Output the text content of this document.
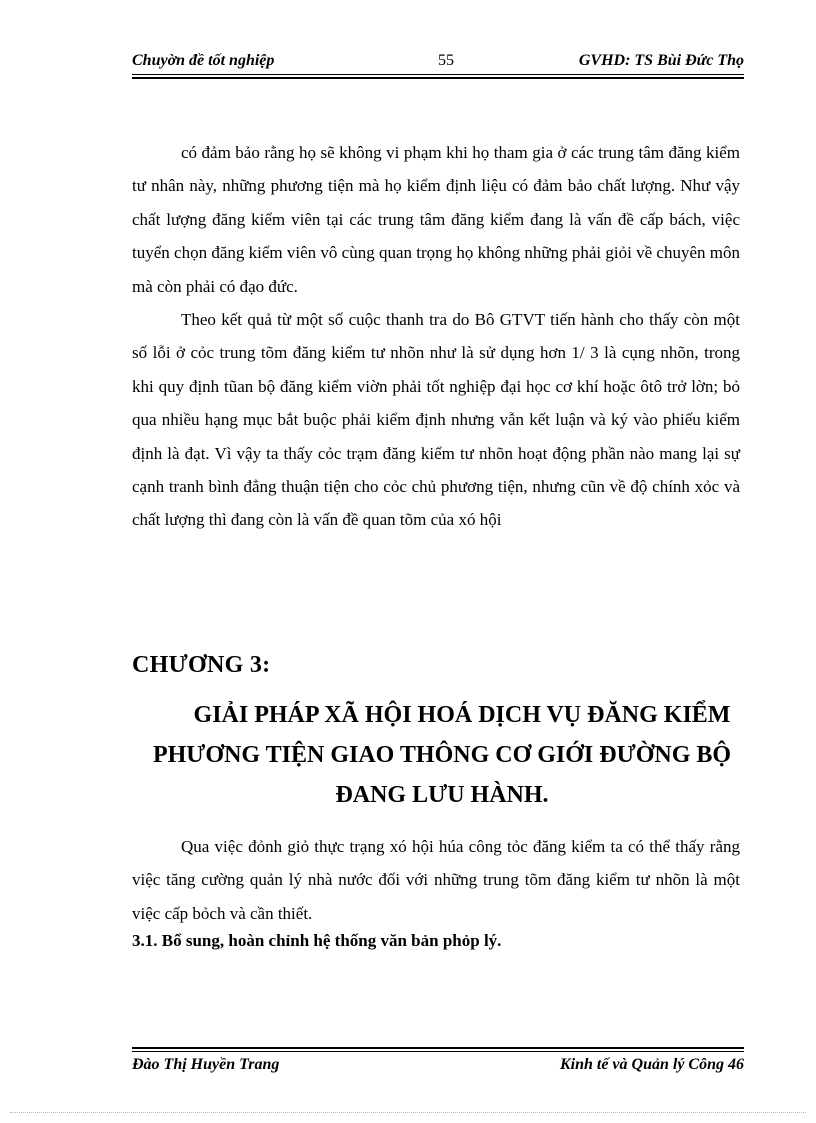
Chuyờn đề tốt nghiệp	55	GVHD: TS Bùi Đức Thọ

có đảm bảo rằng họ sẽ không vi phạm khi họ tham gia ở các trung tâm đăng kiểm tư nhân này, những phương tiện mà họ kiểm định liệu có đảm bảo chất lượng. Như vậy chất lượng đăng kiểm viên tại các trung tâm đăng kiểm đang là vấn đề cấp bách, việc tuyển chọn đăng kiểm viên vô cùng quan trọng họ không những phải giỏi về chuyên môn mà còn phải có đạo đức.

Theo kết quả từ một số cuộc thanh tra do Bô GTVT tiến hành cho thấy còn một số lỗi ở cỏc trung tõm đăng kiểm tư nhõn như là sử dụng hơn 1/ 3 là cụng nhõn, trong khi quy định tũan bộ đăng kiểm viờn phải tốt nghiệp đại học cơ khí hoặc ôtô trở lờn; bỏ qua nhiều hạng mục bắt buộc phải kiểm định nhưng vẫn kết luận và ký vào phiếu kiểm định là đạt. Vì vậy ta thấy cỏc trạm đăng kiểm tư nhõn hoạt động phần nào mang lại sự cạnh tranh bình đẳng thuận tiện cho cỏc chủ phương tiện, nhưng cũn về độ chính xỏc và chất lượng thì đang còn là vấn đề quan tõm của xó hội

CHƯƠNG 3:
GIẢI PHÁP XÃ HỘI HOÁ DỊCH VỤ ĐĂNG KIỂM
PHƯƠNG TIỆN GIAO THÔNG CƠ GIỚI ĐƯỜNG BỘ
ĐANG LƯU HÀNH.

Qua việc đỏnh giỏ thực trạng xó hội húa công tỏc đăng kiểm ta có thể thấy rằng việc tăng cường quản lý nhà nước đối với những trung tõm đăng kiểm tư nhõn là một việc cấp bỏch và cần thiết.

3.1. Bổ sung, hoàn chỉnh hệ thống văn bản phỏp lý.
Đào Thị Huyền Trang	Kinh tế và Quản lý Công 46
